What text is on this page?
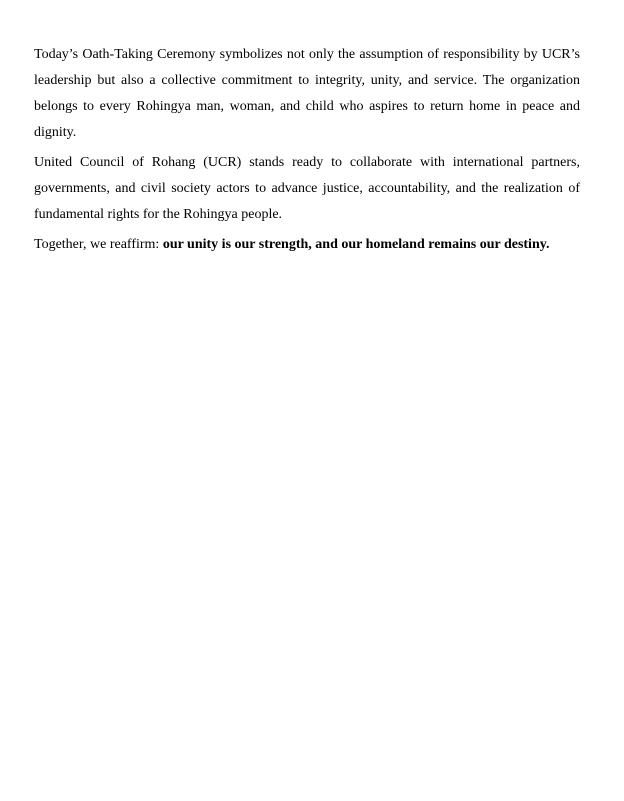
Today’s Oath-Taking Ceremony symbolizes not only the assumption of responsibility by UCR’s leadership but also a collective commitment to integrity, unity, and service. The organization belongs to every Rohingya man, woman, and child who aspires to return home in peace and dignity.

United Council of Rohang (UCR) stands ready to collaborate with international partners, governments, and civil society actors to advance justice, accountability, and the realization of fundamental rights for the Rohingya people.

Together, we reaffirm: our unity is our strength, and our homeland remains our destiny.
